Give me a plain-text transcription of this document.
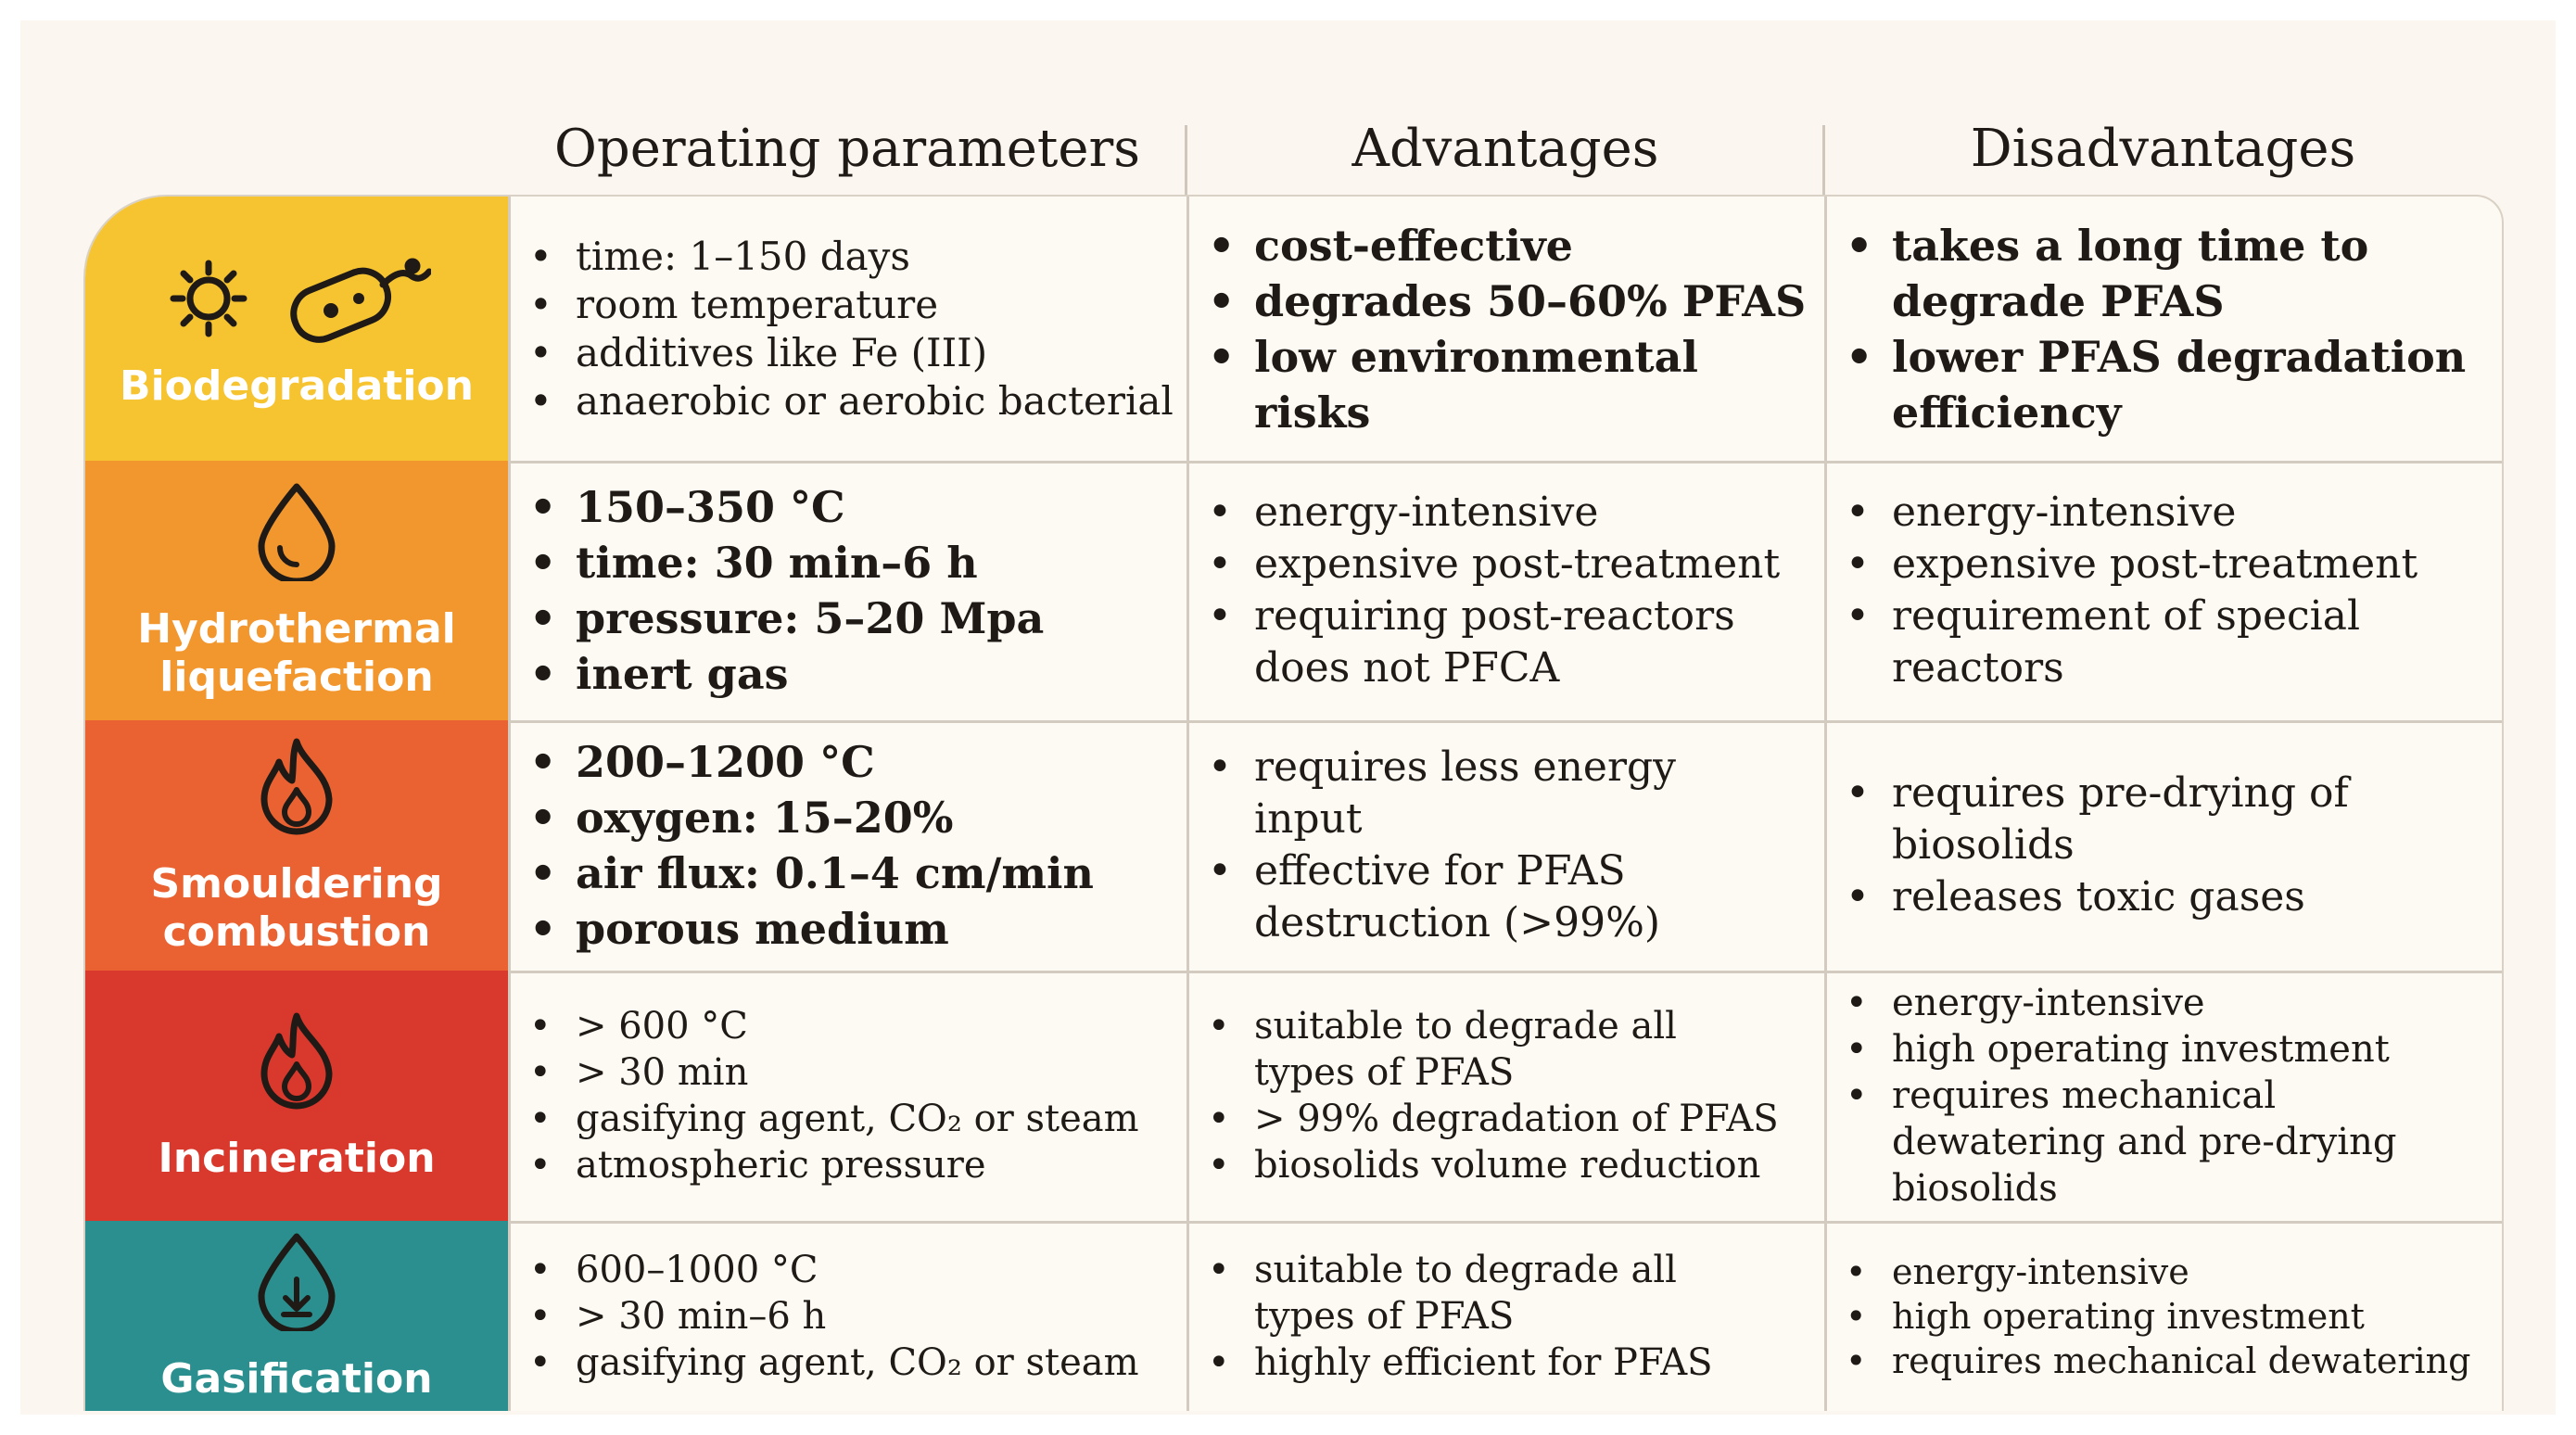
Operating parameters	Advantages	Disadvantages
Biodegradation
• time: 1–150 days
• room temperature
• additives like Fe (III)
• anaerobic or aerobic bacterial
• cost-effective
• degrades 50–60% PFAS
• low environmental risks
• takes a long time to degrade PFAS
• lower PFAS degradation efficiency
Hydrothermal
liquefaction
• 150–350 °C
• time: 30 min–6 h
• pressure: 5–20 Mpa
• inert gas
• energy-intensive
• expensive post-treatment
• requiring post-reactors does not PFCA
• energy-intensive
• expensive post-treatment
• requirement of special reactors
Smouldering
combustion
• 200–1200 °C
• oxygen: 15–20%
• air flux: 0.1–4 cm/min
• porous medium
• requires less energy input
• effective for PFAS destruction (>99%)
• requires pre-drying of biosolids
• releases toxic gases
Incineration
• > 600 °C
• > 30 min
• gasifying agent, CO₂ or steam
• atmospheric pressure
• suitable to degrade all types of PFAS
• > 99% degradation of PFAS
• biosolids volume reduction
• energy-intensive
• high operating investment
• requires mechanical dewatering and pre-drying biosolids
Gasification
• 600–1000 °C
• > 30 min–6 h
• gasifying agent, CO₂ or steam
• suitable to degrade all types of PFAS
• highly efficient for PFAS
• energy-intensive
• high operating investment
• requires mechanical dewatering
